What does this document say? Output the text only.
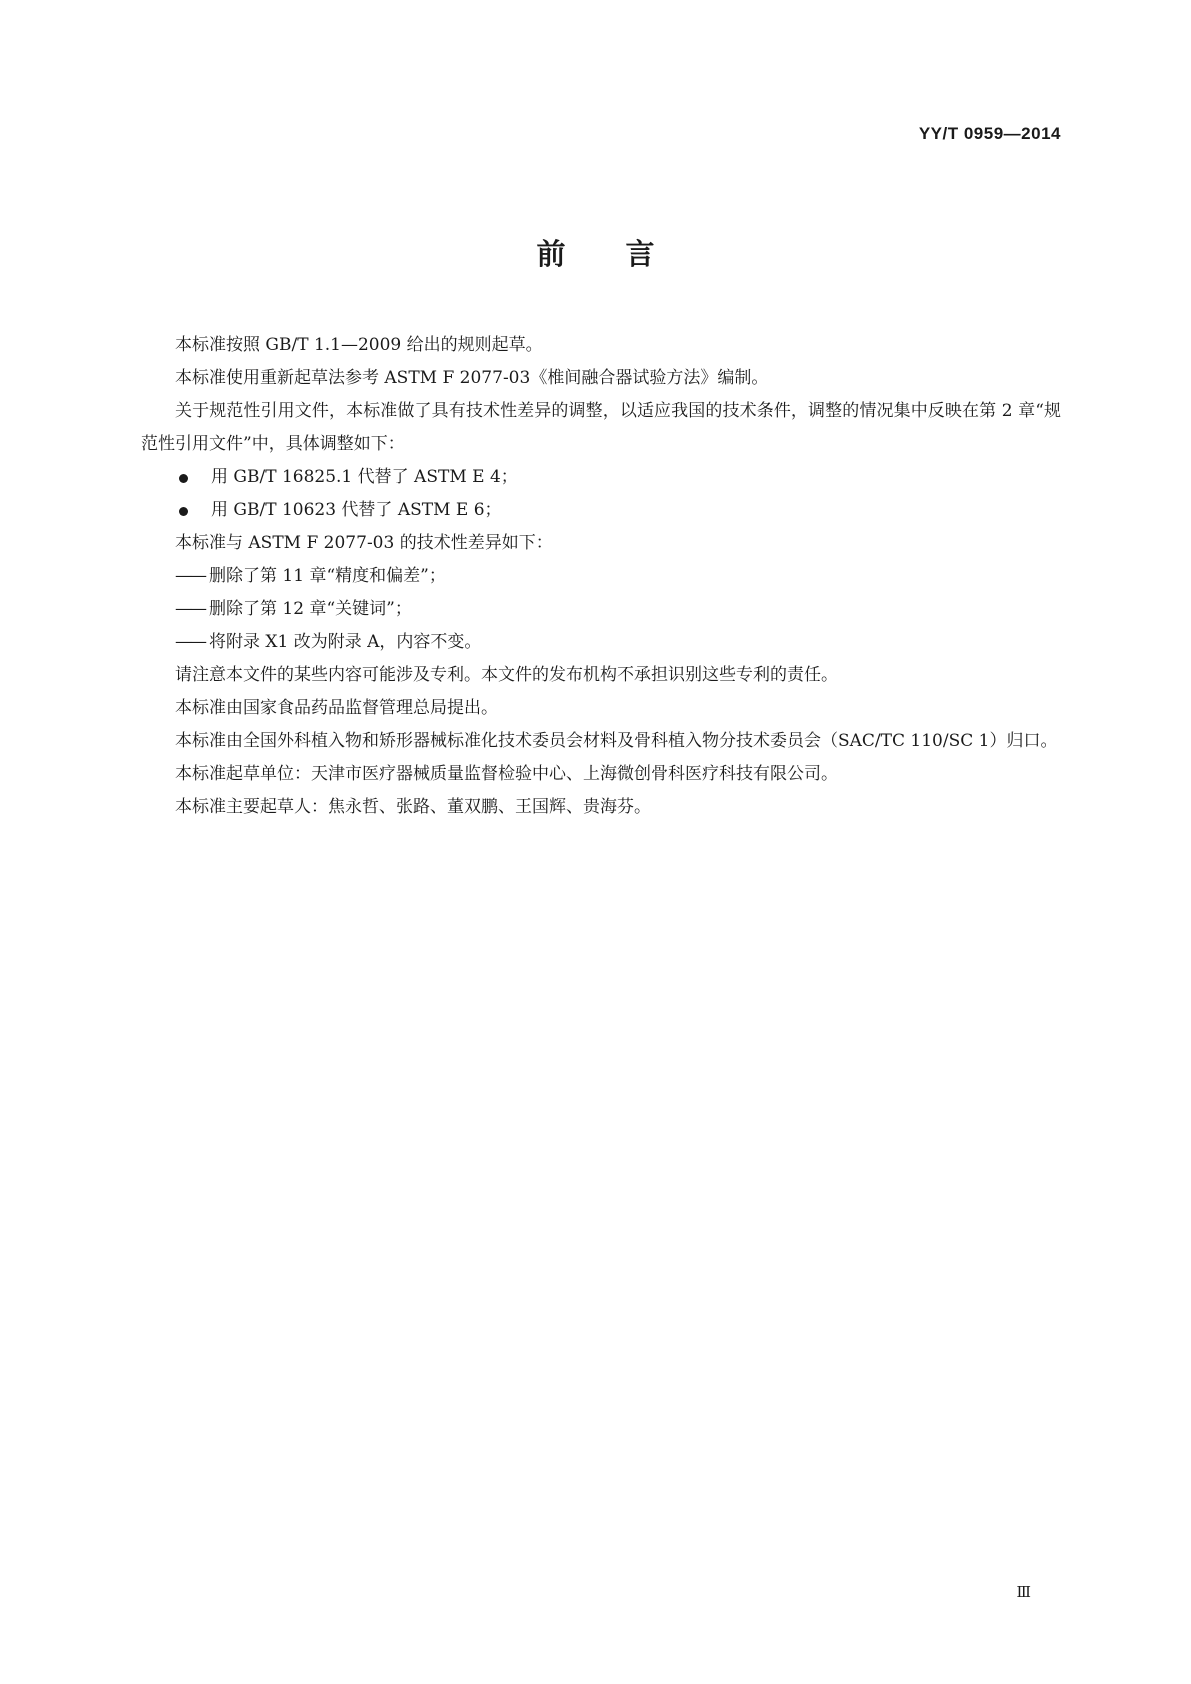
YY/T 0959—2014
前言

本标准按照 GB/T 1.1—2009 给出的规则起草。

本标准使用重新起草法参考 ASTM F 2077-03《椎间融合器试验方法》编制。

关于规范性引用文件，本标准做了具有技术性差异的调整，以适应我国的技术条件，调整的情况集中反映在第 2 章“规范性引用文件”中，具体调整如下：

用 GB/T 16825.1 代替了 ASTM E 4；
用 GB/T 10623 代替了 ASTM E 6；

本标准与 ASTM F 2077-03 的技术性差异如下：

—— 删除了第 11 章“精度和偏差”；
—— 删除了第 12 章“关键词”；
—— 将附录 X1 改为附录 A，内容不变。

请注意本文件的某些内容可能涉及专利。本文件的发布机构不承担识别这些专利的责任。

本标准由国家食品药品监督管理总局提出。

本标准由全国外科植入物和矫形器械标准化技术委员会材料及骨科植入物分技术委员会（SAC/TC 110/SC 1）归口。

本标准起草单位：天津市医疗器械质量监督检验中心、上海微创骨科医疗科技有限公司。

本标准主要起草人：焦永哲、张路、董双鹏、王国辉、贵海芬。

Ⅲ
